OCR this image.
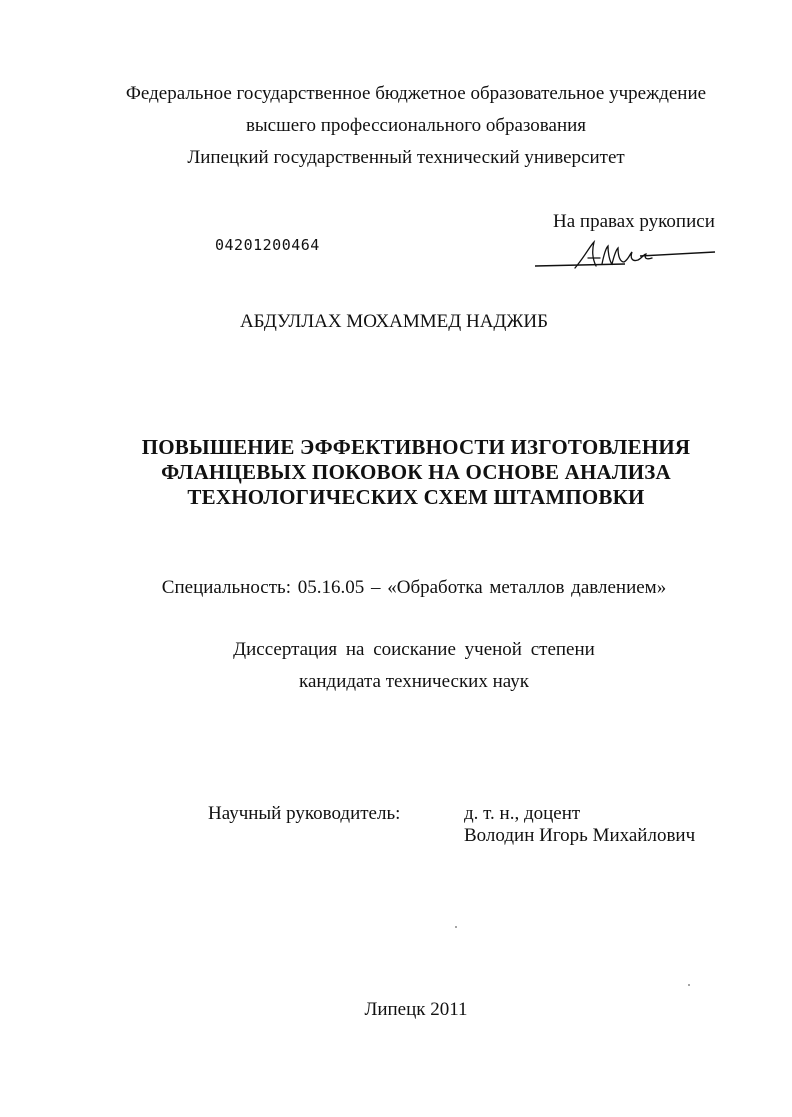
Федеральное государственное бюджетное образовательное учреждение
высшего профессионального образования
Липецкий государственный технический университет
На правах рукописи
04201200464
АБДУЛЛАХ МОХАММЕД НАДЖИБ
ПОВЫШЕНИЕ ЭФФЕКТИВНОСТИ ИЗГОТОВЛЕНИЯ
ФЛАНЦЕВЫХ ПОКОВОК НА ОСНОВЕ АНАЛИЗА
ТЕХНОЛОГИЧЕСКИХ СХЕМ ШТАМПОВКИ
Специальность: 05.16.05 – «Обработка металлов давлением»
Диссертация на соискание ученой степени
кандидата технических наук
Научный руководитель:	д. т. н., доцент
Володин Игорь Михайлович
Липецк 2011
